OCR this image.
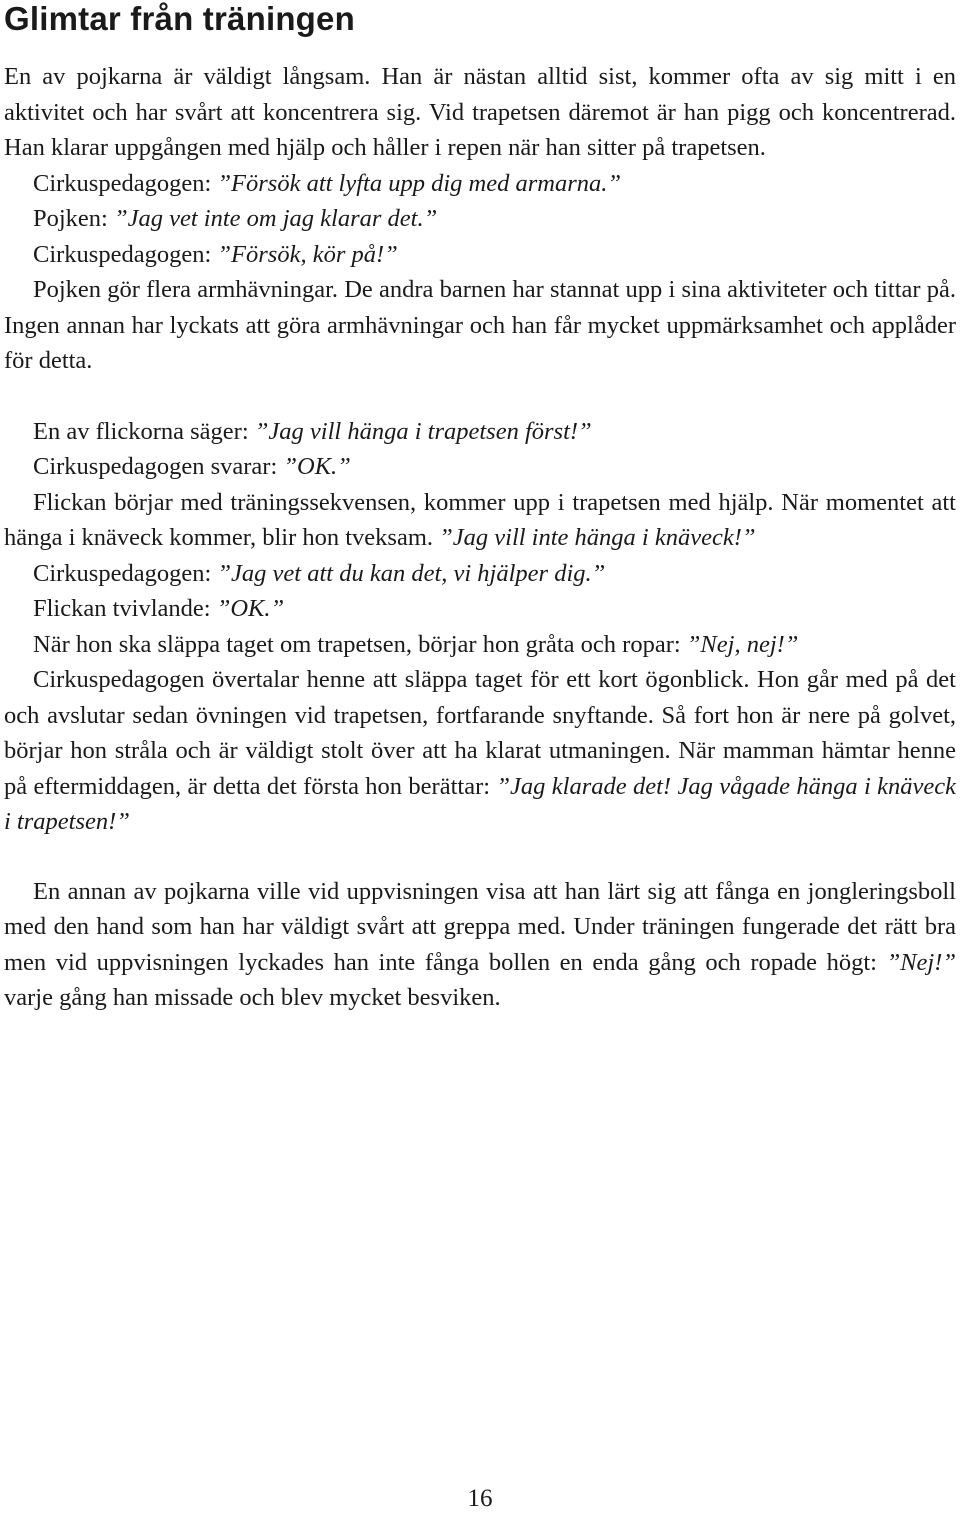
Glimtar från träningen

En av pojkarna är väldigt långsam. Han är nästan alltid sist, kommer ofta av sig mitt i en aktivitet och har svårt att koncentrera sig. Vid trapetsen däremot är han pigg och koncentrerad. Han klarar uppgången med hjälp och håller i repen när han sitter på trapetsen.

Cirkuspedagogen: ”Försök att lyfta upp dig med armarna.”

Pojken: ”Jag vet inte om jag klarar det.”

Cirkuspedagogen: ”Försök, kör på!”

Pojken gör flera armhävningar. De andra barnen har stannat upp i sina aktiviteter och tittar på. Ingen annan har lyckats att göra armhävningar och han får mycket uppmärksamhet och applåder för detta.

En av flickorna säger: ”Jag vill hänga i trapetsen först!”

Cirkuspedagogen svarar: ”OK.”

Flickan börjar med träningssekvensen, kommer upp i trapetsen med hjälp. När momentet att hänga i knäveck kommer, blir hon tveksam. ”Jag vill inte hänga i knäveck!”

Cirkuspedagogen: ”Jag vet att du kan det, vi hjälper dig.”

Flickan tvivlande: ”OK.”

När hon ska släppa taget om trapetsen, börjar hon gråta och ropar: ”Nej, nej!”

Cirkuspedagogen övertalar henne att släppa taget för ett kort ögonblick. Hon går med på det och avslutar sedan övningen vid trapetsen, fortfarande snyftande. Så fort hon är nere på golvet, börjar hon stråla och är väldigt stolt över att ha klarat utmaningen. När mamman hämtar henne på eftermiddagen, är detta det första hon berättar: ”Jag klarade det! Jag vågade hänga i knäveck i trapetsen!”

En annan av pojkarna ville vid uppvisningen visa att han lärt sig att fånga en jongleringsboll med den hand som han har väldigt svårt att greppa med. Under träningen fungerade det rätt bra men vid uppvisningen lyckades han inte fånga bollen en enda gång och ropade högt: ”Nej!” varje gång han missade och blev mycket besviken.

16
